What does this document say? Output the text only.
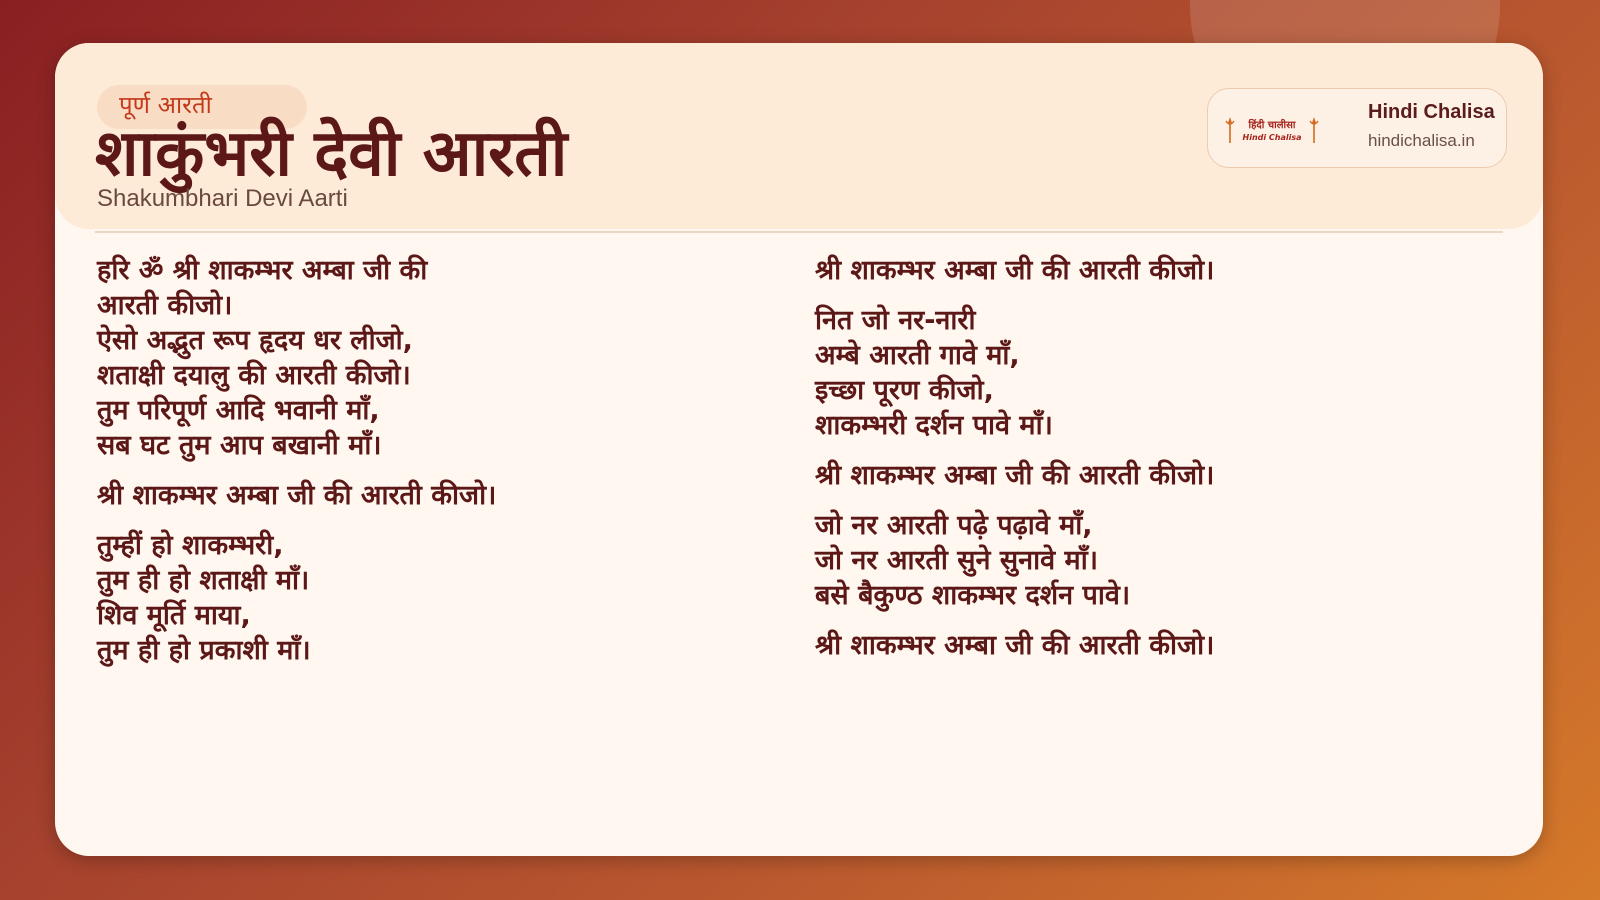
पूर्ण आरती
शाकुंभरी देवी आरती
Shakumbhari Devi Aarti
हिंदी चालीसा
Hindi Chalisa
Hindi Chalisa
hindichalisa.in
हरि ॐ श्री शाकम्भर अम्बा जी की
आरती कीजो।
ऐसो अद्भुत रूप हृदय धर लीजो,
शताक्षी दयालु की आरती कीजो।
तुम परिपूर्ण आदि भवानी माँ,
सब घट तुम आप बखानी माँ।
श्री शाकम्भर अम्बा जी की आरती कीजो।
तुम्हीं हो शाकम्भरी,
तुम ही हो शताक्षी माँ।
शिव मूर्ति माया,
तुम ही हो प्रकाशी माँ।
श्री शाकम्भर अम्बा जी की आरती कीजो।
नित जो नर-नारी
अम्बे आरती गावे माँ,
इच्छा पूरण कीजो,
शाकम्भरी दर्शन पावे माँ।
श्री शाकम्भर अम्बा जी की आरती कीजो।
जो नर आरती पढ़े पढ़ावे माँ,
जो नर आरती सुने सुनावे माँ।
बसे बैकुण्ठ शाकम्भर दर्शन पावे।
श्री शाकम्भर अम्बा जी की आरती कीजो।
